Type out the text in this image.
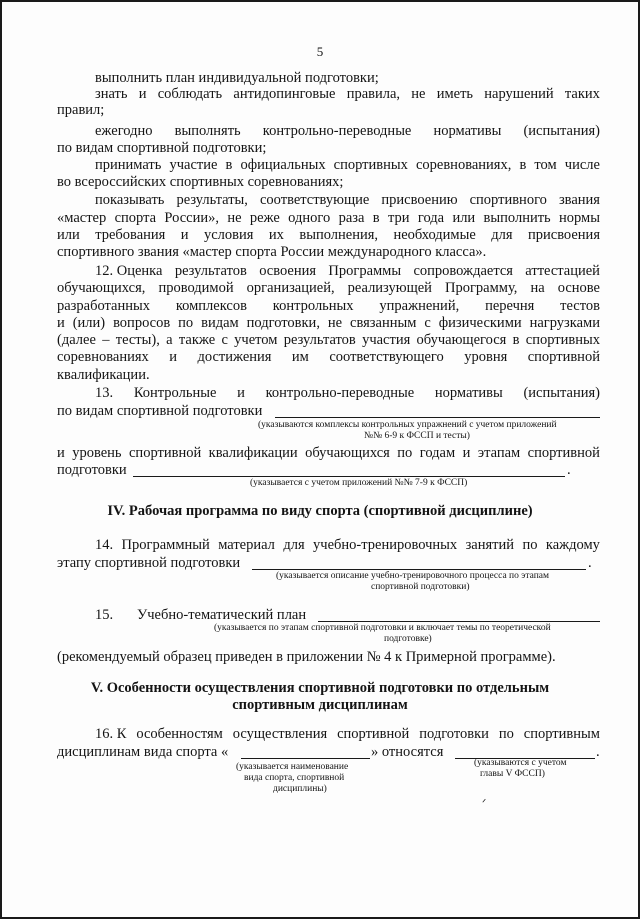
5
выполнить план индивидуальной подготовки;
знать и соблюдать антидопинговые правила, не иметь нарушений таких
правил;
ежегодно выполнять контрольно-переводные нормативы (испытания)
по видам спортивной подготовки;
принимать участие в официальных спортивных соревнованиях, в том числе
во всероссийских спортивных соревнованиях;
показывать результаты, соответствующие присвоению спортивного звания
«мастер спорта России», не реже одного раза в три года или выполнить нормы
или требования и условия их выполнения, необходимые для присвоения
спортивного звания «мастер спорта России международного класса».
12. Оценка результатов освоения Программы сопровождается аттестацией
обучающихся, проводимой организацией, реализующей Программу, на основе
разработанных комплексов контрольных упражнений, перечня тестов
и (или) вопросов по видам подготовки, не связанным с физическими нагрузками
(далее – тесты), а также с учетом результатов участия обучающегося в спортивных
соревнованиях и достижения им соответствующего уровня спортивной
квалификации.
13. Контрольные и контрольно-переводные нормативы (испытания)
по видам спортивной подготовки
(указываются комплексы контрольных упражнений с учетом приложений
№№ 6-9 к ФССП и тесты)
и уровень спортивной квалификации обучающихся по годам и этапам спортивной
подготовки	.
(указывается с учетом приложений №№ 7-9 к ФССП)
IV. Рабочая программа по виду спорта (спортивной дисциплине)
14. Программный материал для учебно-тренировочных занятий по каждому
этапу спортивной подготовки	.
(указывается описание учебно-тренировочного процесса по этапам
спортивной подготовки)
15. Учебно-тематический план
(указывается по этапам спортивной подготовки и включает темы по теоретической
подготовке)
(рекомендуемый образец приведен в приложении № 4 к Примерной программе).
V. Особенности осуществления спортивной подготовки по отдельным
спортивным дисциплинам
16. К особенностям осуществления спортивной подготовки по спортивным
дисциплинам вида спорта «	» относятся	.
(указывается наименование
вида спорта, спортивной
дисциплины)
(указываются с учетом
главы V ФССП)
ᐟ
